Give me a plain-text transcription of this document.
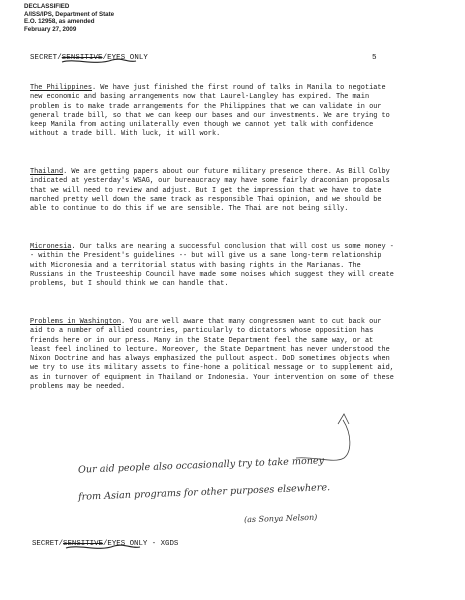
DECLASSIFIED
A/ISS/IPS, Department of State
E.O. 12958, as amended
February 27, 2009
SECRET/SENSITIVE/EYES ONLY	5

The Philippines. We have just finished the first round of talks in Manila to negotiate new economic and basing arrangements now that Laurel-Langley has expired. The main problem is to make trade arrangements for the Philippines that we can validate in our general trade bill, so that we can keep our bases and our investments. We are trying to keep Manila from acting unilaterally even though we cannot yet talk with confidence without a trade bill. With luck, it will work.

Thailand. We are getting papers about our future military presence there. As Bill Colby indicated at yesterday's WSAG, our bureaucracy may have some fairly draconian proposals that we will need to review and adjust. But I get the impression that we have to date marched pretty well down the same track as responsible Thai opinion, and we should be able to continue to do this if we are sensible. The Thai are not being silly.

Micronesia. Our talks are nearing a successful conclusion that will cost us some money -- within the President's guidelines -- but will give us a sane long-term relationship with Micronesia and a territorial status with basing rights in the Marianas. The Russians in the Trusteeship Council have made some noises which suggest they will create problems, but I should think we can handle that.

Problems in Washington. You are well aware that many congressmen want to cut back our aid to a number of allied countries, particularly to dictators whose opposition has friends here or in our press. Many in the State Department feel the same way, or at least feel inclined to lecture. Moreover, the State Department has never understood the Nixon Doctrine and has always emphasized the pullout aspect. DoD sometimes objects when we try to use its military assets to fine-hone a political message or to supplement aid, as in turnover of equipment in Thailand or Indonesia. Your intervention on some of these problems may be needed.

Our aid people also occasionally try to take money
from Asian programs for other purposes elsewhere.
(as Sonya Nelson)
SECRET/SENSITIVE/EYES ONLY - XGDS
